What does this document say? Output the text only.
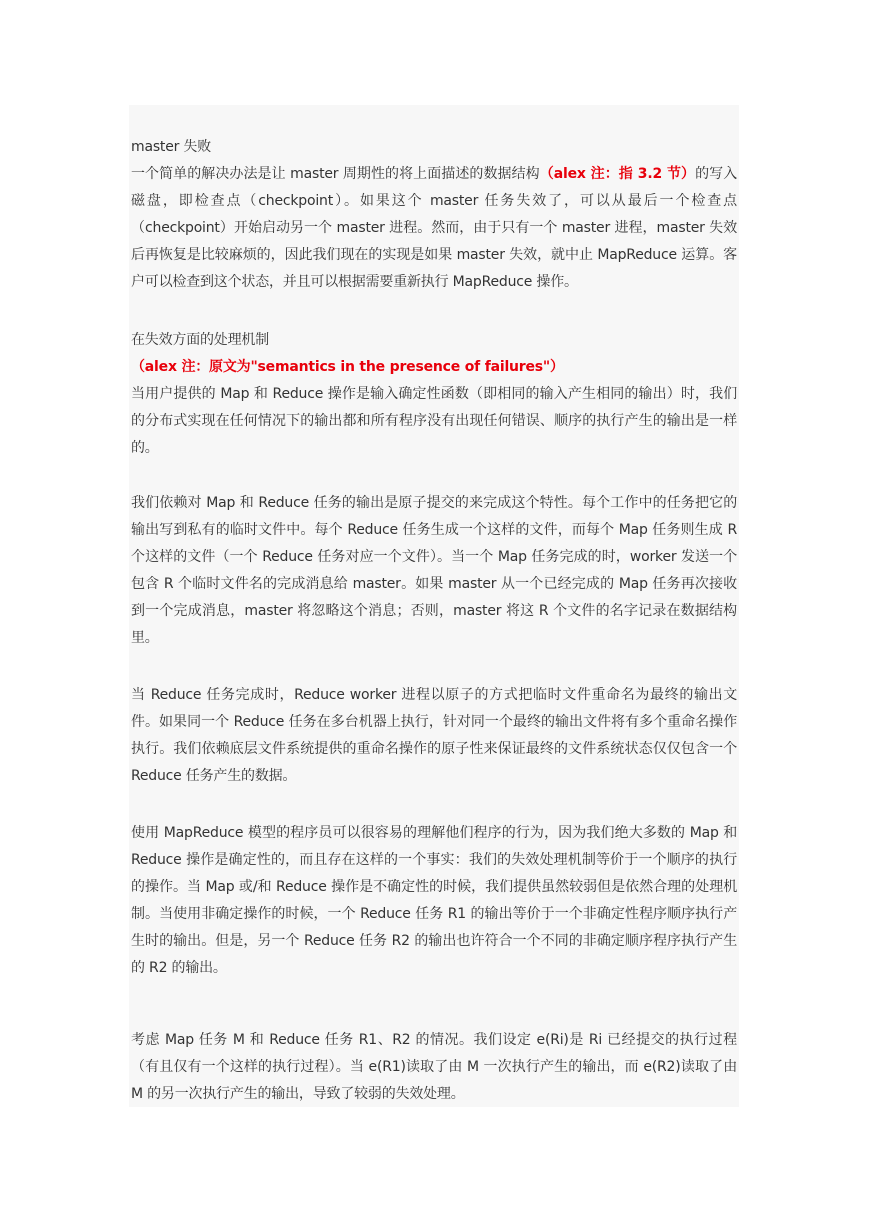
master 失败

一个简单的解决办法是让 master 周期性的将上面描述的数据结构（alex 注：指 3.2 节）的写入磁盘，即检查点（checkpoint）。如果这个 master 任务失效了，可以从最后一个检查点（checkpoint）开始启动另一个 master 进程。然而，由于只有一个 master 进程，master 失效后再恢复是比较麻烦的，因此我们现在的实现是如果 master 失效，就中止 MapReduce 运算。客户可以检查到这个状态，并且可以根据需要重新执行 MapReduce 操作。

在失效方面的处理机制

（alex 注：原文为"semantics in the presence of failures"）

当用户提供的 Map 和 Reduce 操作是输入确定性函数（即相同的输入产生相同的输出）时，我们的分布式实现在任何情况下的输出都和所有程序没有出现任何错误、顺序的执行产生的输出是一样的。

我们依赖对 Map 和 Reduce 任务的输出是原子提交的来完成这个特性。每个工作中的任务把它的输出写到私有的临时文件中。每个 Reduce 任务生成一个这样的文件，而每个 Map 任务则生成 R 个这样的文件（一个 Reduce 任务对应一个文件）。当一个 Map 任务完成的时，worker 发送一个包含 R 个临时文件名的完成消息给 master。如果 master 从一个已经完成的 Map 任务再次接收到一个完成消息，master 将忽略这个消息；否则，master 将这 R 个文件的名字记录在数据结构里。

当 Reduce 任务完成时，Reduce worker 进程以原子的方式把临时文件重命名为最终的输出文件。如果同一个 Reduce 任务在多台机器上执行，针对同一个最终的输出文件将有多个重命名操作执行。我们依赖底层文件系统提供的重命名操作的原子性来保证最终的文件系统状态仅仅包含一个 Reduce 任务产生的数据。

使用 MapReduce 模型的程序员可以很容易的理解他们程序的行为，因为我们绝大多数的 Map 和 Reduce 操作是确定性的，而且存在这样的一个事实：我们的失效处理机制等价于一个顺序的执行的操作。当 Map 或/和 Reduce 操作是不确定性的时候，我们提供虽然较弱但是依然合理的处理机制。当使用非确定操作的时候，一个 Reduce 任务 R1 的输出等价于一个非确定性程序顺序执行产生时的输出。但是，另一个 Reduce 任务 R2 的输出也许符合一个不同的非确定顺序程序执行产生的 R2 的输出。

考虑 Map 任务 M 和 Reduce 任务 R1、R2 的情况。我们设定 e(Ri)是 Ri 已经提交的执行过程（有且仅有一个这样的执行过程）。当 e(R1)读取了由 M 一次执行产生的输出，而 e(R2)读取了由 M 的另一次执行产生的输出，导致了较弱的失效处理。
